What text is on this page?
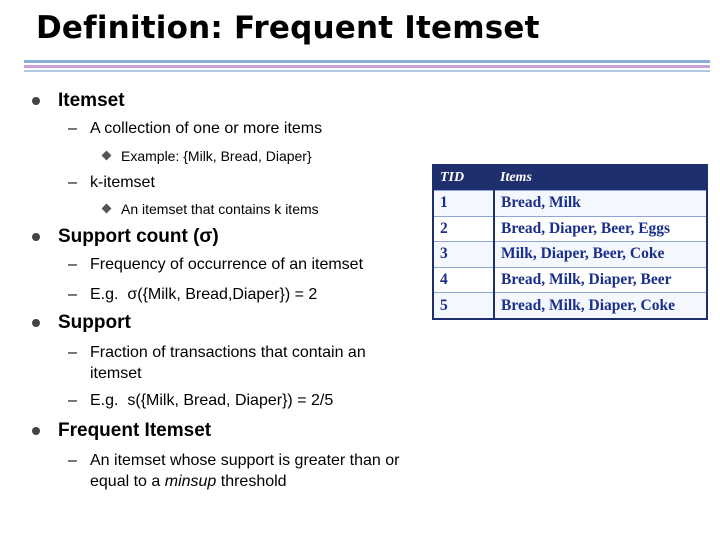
Definition: Frequent Itemset
Itemset
– A collection of one or more items
Example: {Milk, Bread, Diaper}
– k-itemset
An itemset that contains k items
Support count (σ)
– Frequency of occurrence of an itemset
– E.g. σ({Milk, Bread,Diaper}) = 2
Support
– Fraction of transactions that contain an itemset
– E.g. s({Milk, Bread, Diaper}) = 2/5
Frequent Itemset
– An itemset whose support is greater than or equal to a minsup threshold
TID	Items
1	Bread, Milk
2	Bread, Diaper, Beer, Eggs
3	Milk, Diaper, Beer, Coke
4	Bread, Milk, Diaper, Beer
5	Bread, Milk, Diaper, Coke
